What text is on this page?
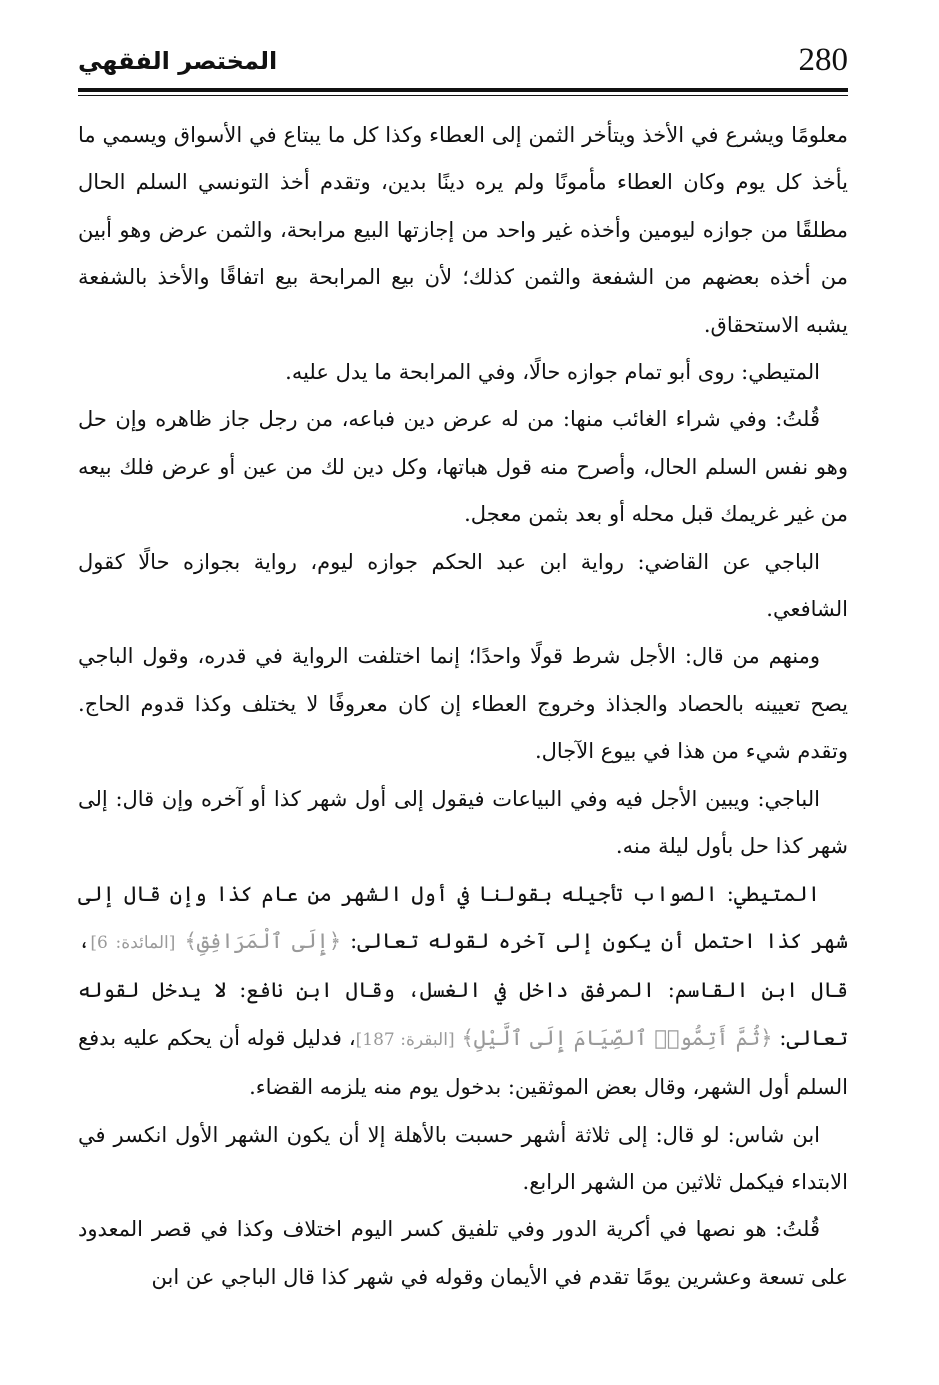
280
المختصر الفقهي

معلومًا ويشرع في الأخذ ويتأخر الثمن إلى العطاء وكذا كل ما يبتاع في الأسواق ويسمي ما يأخذ كل يوم وكان العطاء مأمونًا ولم يره دينًا بدين، وتقدم أخذ التونسي السلم الحال مطلقًا من جوازه ليومين وأخذه غير واحد من إجازتها البيع مرابحة، والثمن عرض وهو أبين من أخذه بعضهم من الشفعة والثمن كذلك؛ لأن بيع المرابحة بيع اتفاقًا والأخذ بالشفعة يشبه الاستحقاق.

المتيطي: روى أبو تمام جوازه حالًا، وفي المرابحة ما يدل عليه.

قُلتُ: وفي شراء الغائب منها: من له عرض دين فباعه، من رجل جاز ظاهره وإن حل وهو نفس السلم الحال، وأصرح منه قول هباتها، وكل دين لك من عين أو عرض فلك بيعه من غير غريمك قبل محله أو بعد بثمن معجل.

الباجي عن القاضي: رواية ابن عبد الحكم جوازه ليوم، رواية بجوازه حالًا كقول الشافعي.

ومنهم من قال: الأجل شرط قولًا واحدًا؛ إنما اختلفت الرواية في قدره، وقول الباجي يصح تعيينه بالحصاد والجذاذ وخروج العطاء إن كان معروفًا لا يختلف وكذا قدوم الحاج. وتقدم شيء من هذا في بيوع الآجال.

الباجي: ويبين الأجل فيه وفي البياعات فيقول إلى أول شهر كذا أو آخره وإن قال: إلى شهر كذا حل بأول ليلة منه.

المتيطي: الصواب تأجيله بقولنا في أول الشهر من عام كذا وإن قال إلى شهر كذا احتمل أن يكون إلى آخره لقوله تعالى: ﴿إِلَى ٱلْمَرَافِقِ﴾ [المائدة: 6]، قال ابن القاسم: المرفق داخل في الغسل، وقال ابن نافع: لا يدخل لقوله تعالى: ﴿ثُمَّ أَتِمُّوا۟ ٱلصِّيَامَ إِلَى ٱلَّيْلِ﴾ [البقرة: 187]، فدليل قوله أن يحكم عليه بدفع السلم أول الشهر، وقال بعض الموثقين: بدخول يوم منه يلزمه القضاء.

ابن شاس: لو قال: إلى ثلاثة أشهر حسبت بالأهلة إلا أن يكون الشهر الأول انكسر في الابتداء فيكمل ثلاثين من الشهر الرابع.

قُلتُ: هو نصها في أكرية الدور وفي تلفيق كسر اليوم اختلاف وكذا في قصر المعدود على تسعة وعشرين يومًا تقدم في الأيمان وقوله في شهر كذا قال الباجي عن ابن
